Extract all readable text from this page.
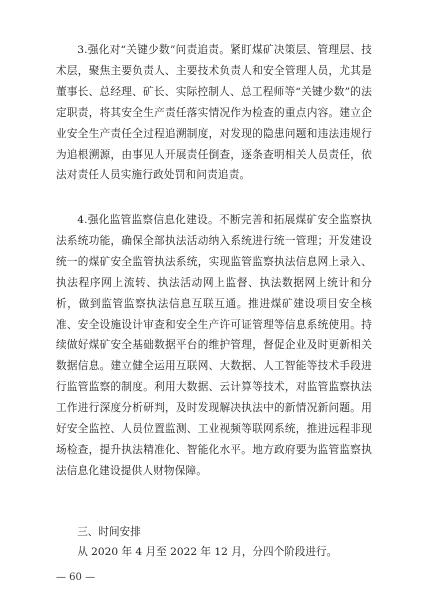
3.强化对“关键少数”问责追责。紧盯煤矿决策层、管理层、技术层，聚焦主要负责人、主要技术负责人和安全管理人员，尤其是董事长、总经理、矿长、实际控制人、总工程师等“关键少数”的法定职责，将其安全生产责任落实情况作为检查的重点内容。建立企业安全生产责任全过程追溯制度，对发现的隐患问题和违法违规行为追根溯源，由事见人开展责任倒查，逐条查明相关人员责任，依法对责任人员实施行政处罚和问责追责。

4.强化监管监察信息化建设。不断完善和拓展煤矿安全监察执法系统功能，确保全部执法活动纳入系统进行统一管理；开发建设统一的煤矿安全监管执法系统，实现监管监察执法信息网上录入、执法程序网上流转、执法活动网上监督、执法数据网上统计和分析，做到监管监察执法信息互联互通。推进煤矿建设项目安全核准、安全设施设计审查和安全生产许可证管理等信息系统使用。持续做好煤矿安全基础数据平台的维护管理，督促企业及时更新相关数据信息。建立健全运用互联网、大数据、人工智能等技术手段进行监管监察的制度。利用大数据、云计算等技术，对监管监察执法工作进行深度分析研判，及时发现解决执法中的新情况新问题。用好安全监控、人员位置监测、工业视频等联网系统，推进远程非现场检查，提升执法精准化、智能化水平。地方政府要为监管监察执法信息化建设提供人财物保障。

三、时间安排

从 2020 年 4 月至 2022 年 12 月，分四个阶段进行。

— 60 —
